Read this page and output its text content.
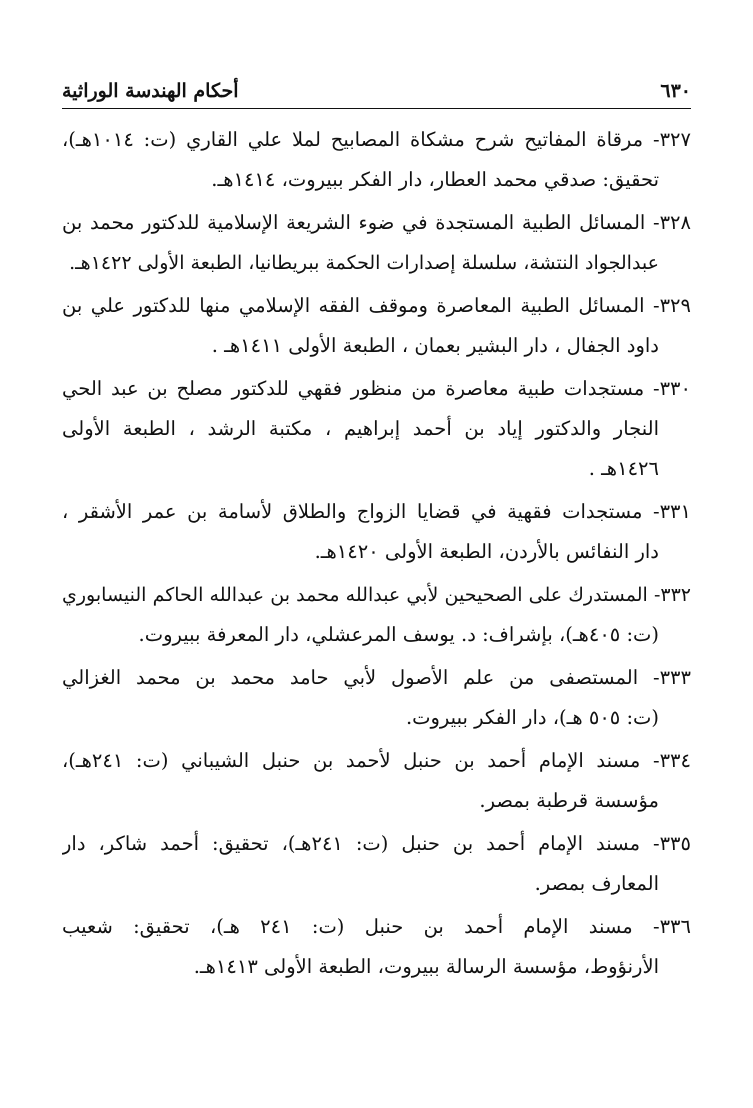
٦٣٠
أحكام الهندسة الوراثية
٣٢٧- مرقاة المفاتيح شرح مشكاة المصابيح لملا علي القاري (ت: ١٠١٤هـ)،
تحقيق: صدقي محمد العطار، دار الفكر ببيروت، ١٤١٤هـ.
٣٢٨- المسائل الطبية المستجدة في ضوء الشريعة الإسلامية للدكتور محمد بن
عبدالجواد النتشة، سلسلة إصدارات الحكمة ببريطانيا، الطبعة الأولى ١٤٢٢هـ.
٣٢٩- المسائل الطبية المعاصرة وموقف الفقه الإسلامي منها للدكتور علي بن
داود الجفال ، دار البشير بعمان ، الطبعة الأولى ١٤١١هـ .
٣٣٠- مستجدات طبية معاصرة من منظور فقهي للدكتور مصلح بن عبد الحي
النجار والدكتور إياد بن أحمد إبراهيم ، مكتبة الرشد ، الطبعة الأولى
١٤٢٦هـ .
٣٣١- مستجدات فقهية في قضايا الزواج والطلاق لأسامة بن عمر الأشقر ،
دار النفائس بالأردن، الطبعة الأولى ١٤٢٠هـ.
٣٣٢- المستدرك على الصحيحين لأبي عبدالله محمد بن عبدالله الحاكم النيسابوري
(ت: ٤٠٥هـ)، بإشراف: د. يوسف المرعشلي، دار المعرفة ببيروت.
٣٣٣- المستصفى من علم الأصول لأبي حامد محمد بن محمد الغزالي
(ت: ٥٠٥ هـ)، دار الفكر ببيروت.
٣٣٤- مسند الإمام أحمد بن حنبل لأحمد بن حنبل الشيباني (ت: ٢٤١هـ)،
مؤسسة قرطبة بمصر.
٣٣٥- مسند الإمام أحمد بن حنبل (ت: ٢٤١هـ)، تحقيق: أحمد شاكر، دار
المعارف بمصر.
٣٣٦- مسند الإمام أحمد بن حنبل (ت: ٢٤١ هـ)، تحقيق: شعيب
الأرنؤوط، مؤسسة الرسالة ببيروت، الطبعة الأولى ١٤١٣هـ.
